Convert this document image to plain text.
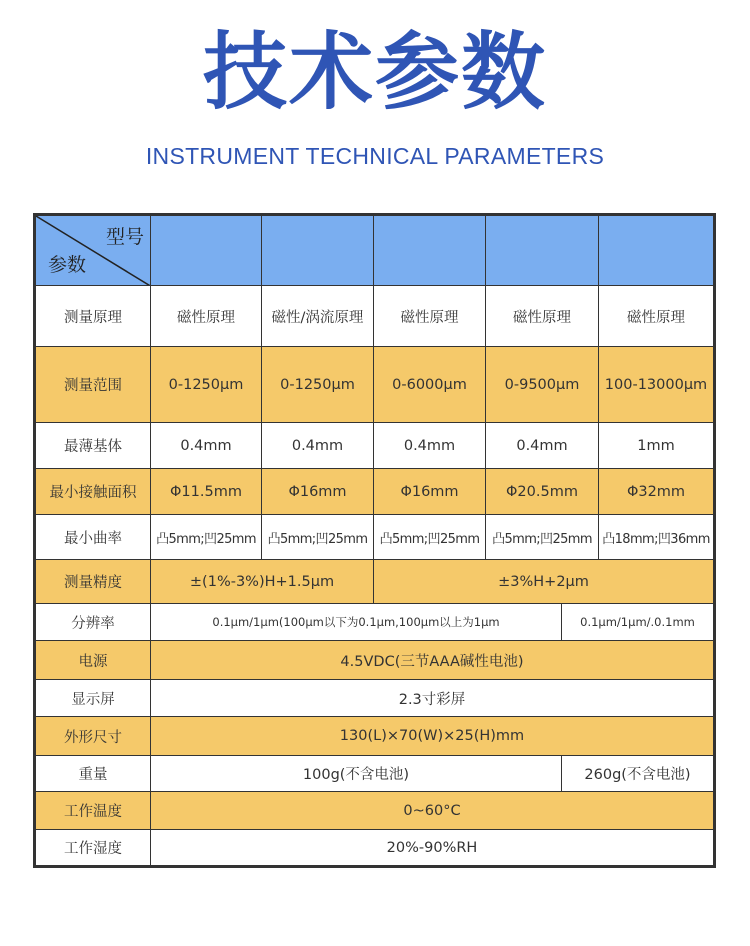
技术参数
INSTRUMENT TECHNICAL PARAMETERS
型号
参数						

测量原理	磁性原理	磁性/涡流原理	磁性原理	磁性原理		磁性原理
测量范围	0-1250μm	0-1250μm	0-6000μm	0-9500μm		100-13000μm
最薄基体	0.4mm	0.4mm	0.4mm	0.4mm		1mm
最小接触面积	Φ11.5mm	Φ16mm	Φ16mm	Φ20.5mm		Φ32mm
最小曲率	凸5mm;凹25mm	凸5mm;凹25mm	凸5mm;凹25mm	凸5mm;凹25mm		凸18mm;凹36mm
测量精度	±(1%-3%)H+1.5μm		±3%H+2μm			
分辨率	0.1μm/1μm(100μm以下为0.1μm,100μm以上为1μm				0.1μm/1μm/.0.1mm	
电源	4.5VDC(三节AAA碱性电池)					
显示屏	2.3寸彩屏					
外形尺寸	130(L)×70(W)×25(H)mm					
重量	100g(不含电池)				260g(不含电池)	
工作温度	0~60°C					
工作湿度	20%-90%RH					
